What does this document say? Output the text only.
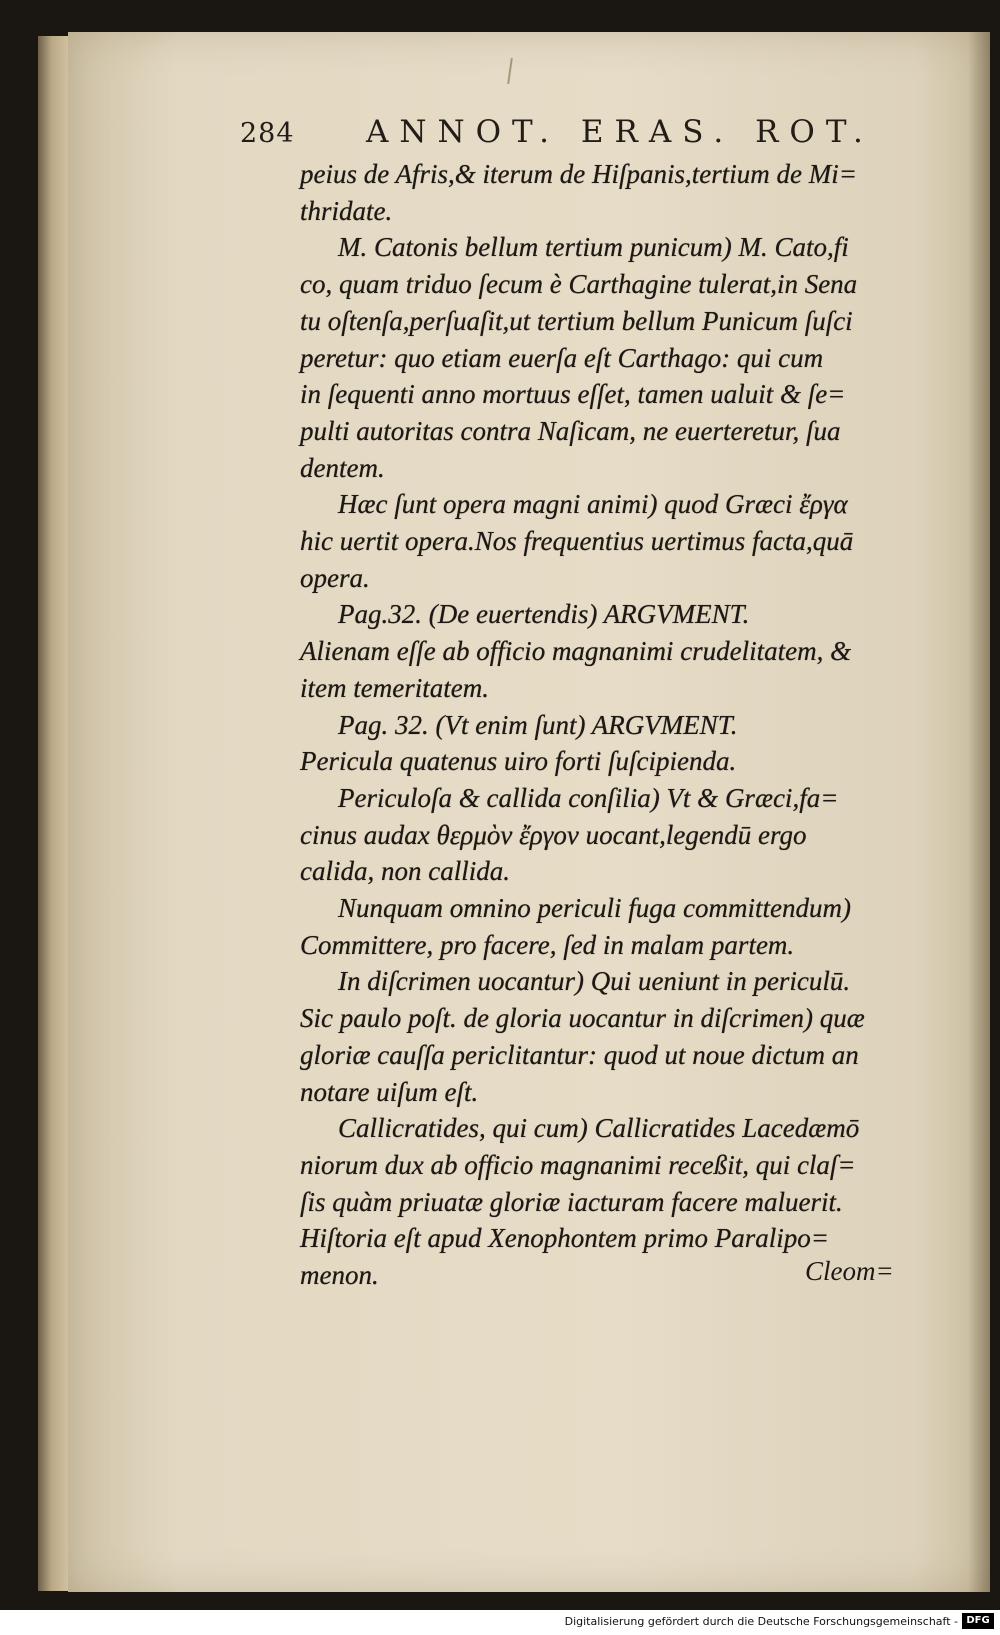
284 ANNOT. ERAS. ROT.
peius de Afris,& iterum de Hiſpanis,tertium de Mi=
thridate.
M. Catonis bellum tertium punicum) M. Cato,fi
co, quam triduo ſecum è Carthagine tulerat,in Sena
tu oſtenſa,perſuaſit,ut tertium bellum Punicum ſuſci
peretur: quo etiam euerſa eſt Carthago: qui cum
in ſequenti anno mortuus eſſet, tamen ualuit & ſe=
pulti autoritas contra Naſicam, ne euerteretur, ſua
dentem.
Hæc ſunt opera magni animi) quod Græci ἔργα
hic uertit opera.Nos frequentius uertimus facta,quā
opera.
Pag.32. (De euertendis) ARGVMENT.
Alienam eſſe ab officio magnanimi crudelitatem, &
item temeritatem.
Pag. 32. (Vt enim ſunt) ARGVMENT.
Pericula quatenus uiro forti ſuſcipienda.
Periculoſa & callida conſilia) Vt & Græci,fa=
cinus audax θερμὸν ἔργον uocant,legendū ergo
calida, non callida.
Nunquam omnino periculi fuga committendum)
Committere, pro facere, ſed in malam partem.
In diſcrimen uocantur) Qui ueniunt in periculū.
Sic paulo poſt. de gloria uocantur in diſcrimen) quæ
gloriæ cauſſa periclitantur: quod ut noue dictum an
notare uiſum eſt.
Callicratides, qui cum) Callicratides Lacedæmō
niorum dux ab officio magnanimi receßit, qui claſ=
ſis quàm priuatæ gloriæ iacturam facere maluerit.
Hiſtoria eſt apud Xenophontem primo Paralipo=
menon.	Cleom=
Digitalisierung gefördert durch die Deutsche Forschungsgemeinschaft - DFG
